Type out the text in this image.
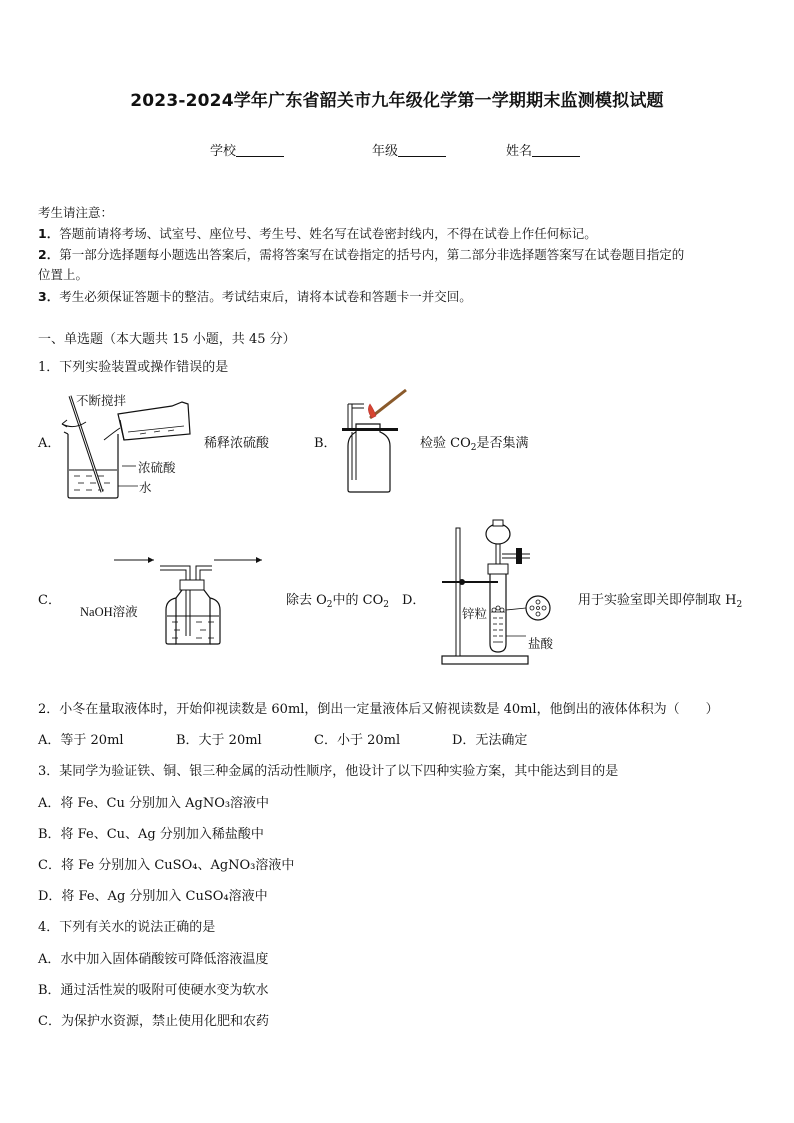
2023-2024学年广东省韶关市九年级化学第一学期期末监测模拟试题
学校	年级	姓名
考生请注意：
1．答题前请将考场、试室号、座位号、考生号、姓名写在试卷密封线内，不得在试卷上作任何标记。
2．第一部分选择题每小题选出答案后，需将答案写在试卷指定的括号内，第二部分非选择题答案写在试卷题目指定的
位置上。
3．考生必须保证答题卡的整洁。考试结束后，请将本试卷和答题卡一并交回。
一、单选题（本大题共 15 小题，共 45 分）
1．下列实验装置或操作错误的是
A．
不断搅拌
浓硫酸
水
稀释浓硫酸	B．	检验 $CO_2$是否集满
C．
NaOH溶液
除去 $O_2$中的 $CO_2$ D．
锌粒
盐酸
用于实验室即关即停制取 $H_2$
2．小冬在量取液体时，开始仰视读数是 60ml，倒出一定量液体后又俯视读数是 40ml，他倒出的液体体积为（　　）
A．等于 20ml	B．大于 20ml	C．小于 20ml	D．无法确定
3．某同学为验证铁、铜、银三种金属的活动性顺序，他设计了以下四种实验方案，其中能达到目的是
A．将 Fe、Cu 分别加入 AgNO₃溶液中
B．将 Fe、Cu、Ag 分别加入稀盐酸中
C．将 Fe 分别加入 CuSO₄、AgNO₃溶液中
D．将 Fe、Ag 分别加入 CuSO₄溶液中
4．下列有关水的说法正确的是
A．水中加入固体硝酸铵可降低溶液温度
B．通过活性炭的吸附可使硬水变为软水
C．为保护水资源，禁止使用化肥和农药
